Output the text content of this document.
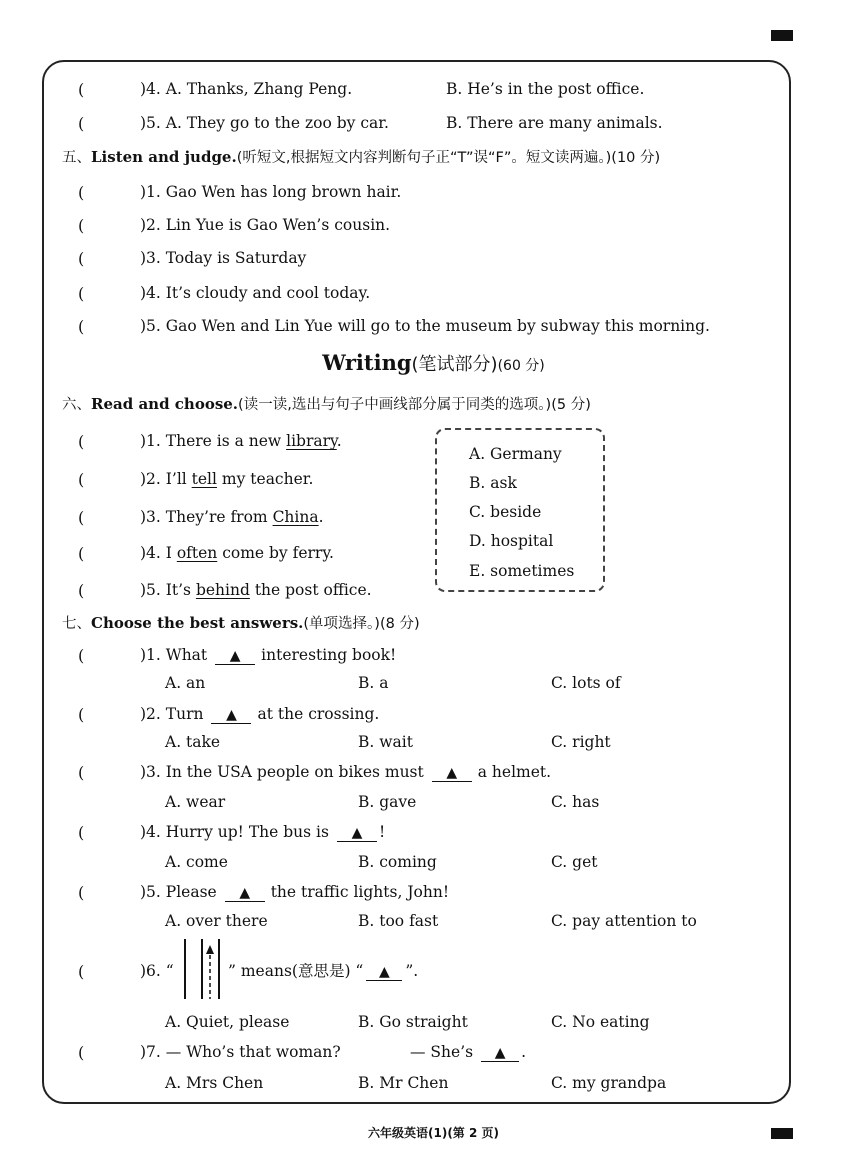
(	)4. A. Thanks, Zhang Peng.	B. He’s in the post office.
(	)5. A. They go to the zoo by car.	B. There are many animals.
五、Listen and judge.(听短文,根据短文内容判断句子正“T”误“F”。短文读两遍。)(10 分)
(	)1. Gao Wen has long brown hair.
(	)2. Lin Yue is Gao Wen’s cousin.
(	)3. Today is Saturday
(	)4. It’s cloudy and cool today.
(	)5. Gao Wen and Lin Yue will go to the museum by subway this morning.
Writing(笔试部分)(60 分)
六、Read and choose.(读一读,选出与句子中画线部分属于同类的选项。)(5 分)
(	)1. There is a new library.
(	)2. I’ll tell my teacher.
(	)3. They’re from China.
(	)4. I often come by ferry.
(	)5. It’s behind the post office.
A. Germany
B. ask
C. beside
D. hospital
E. sometimes
七、Choose the best answers.(单项选择。)(8 分)
(	)1. What ▲ interesting book!
A. an	B. a	C. lots of
(	)2. Turn ▲ at the crossing.
A. take	B. wait	C. right
(	)3. In the USA people on bikes must ▲ a helmet.
A. wear	B. gave	C. has
(	)4. Hurry up! The bus is ▲ !
A. come	B. coming	C. get
(	)5. Please ▲ the traffic lights, John!
A. over there	B. too fast	C. pay attention to
(	)6. “	” means(意思是) “ ▲ ”.
A. Quiet, please	B. Go straight	C. No eating
(	)7. — Who’s that woman?	— She’s ▲ .
A. Mrs Chen	B. Mr Chen	C. my grandpa
六年级英语(1)(第 2 页)
